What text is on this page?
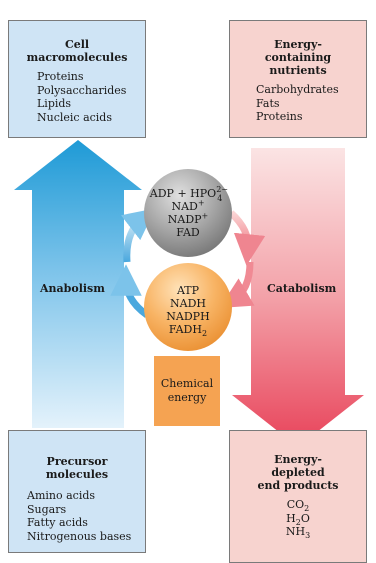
Cell
macromolecules
Proteins
Polysaccharides
Lipids
Nucleic acids
Energy-
containing
nutrients
Carbohydrates
Fats
Proteins
Precursor
molecules
Amino acids
Sugars
Fatty acids
Nitrogenous bases
Energy-
depleted
end products
$CO_2$
$H_2O$
$NH_3$
Anabolism	Catabolism
ADP + HPO 2−
4
NAD+
NADP+
FAD
ATP
NADH
NADPH
$FADH_2$
Chemical
energy
